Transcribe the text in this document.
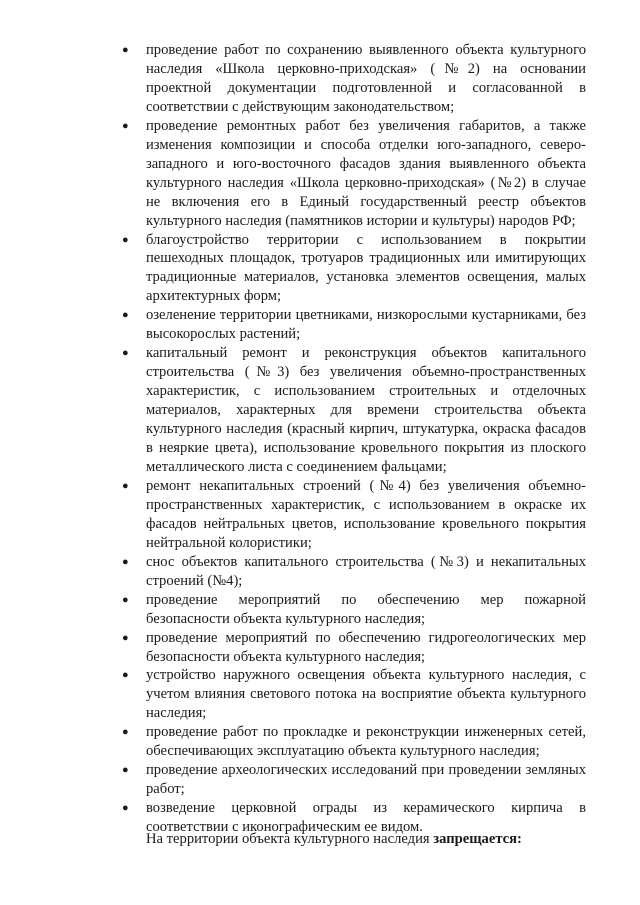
● проведение работ по сохранению выявленного объекта культурного наследия «Школа церковно-приходская» (№2) на основании проектной документации подготовленной и согласованной в соответствии с действующим законодательством;
● проведение ремонтных работ без увеличения габаритов, а также изменения композиции и способа отделки юго-западного, северо-западного и юго-восточного фасадов здания выявленного объекта культурного наследия «Школа церковно-приходская» (№2) в случае не включения его в Единый государственный реестр объектов культурного наследия (памятников истории и культуры) народов РФ;
● благоустройство территории с использованием в покрытии пешеходных площадок, тротуаров традиционных или имитирующих традиционные материалов, установка элементов освещения, малых архитектурных форм;
● озеленение территории цветниками, низкорослыми кустарниками, без высокорослых растений;
● капитальный ремонт и реконструкция объектов капитального строительства (№3) без увеличения объемно-пространственных характеристик, с использованием строительных и отделочных материалов, характерных для времени строительства объекта культурного наследия (красный кирпич, штукатурка, окраска фасадов в неяркие цвета), использование кровельного покрытия из плоского металлического листа с соединением фальцами;
● ремонт некапитальных строений (№4) без увеличения объемно-пространственных характеристик, с использованием в окраске их фасадов нейтральных цветов, использование кровельного покрытия нейтральной колористики;
● снос объектов капитального строительства (№3) и некапитальных строений (№4);
● проведение мероприятий по обеспечению мер пожарной безопасности объекта культурного наследия;
● проведение мероприятий по обеспечению гидрогеологических мер безопасности объекта культурного наследия;
● устройство наружного освещения объекта культурного наследия, с учетом влияния светового потока на восприятие объекта культурного наследия;
● проведение работ по прокладке и реконструкции инженерных сетей, обеспечивающих эксплуатацию объекта культурного наследия;
● проведение археологических исследований при проведении земляных работ;
● возведение церковной ограды из керамического кирпича в соответствии с иконографическим ее видом.

На территории объекта культурного наследия запрещается:
